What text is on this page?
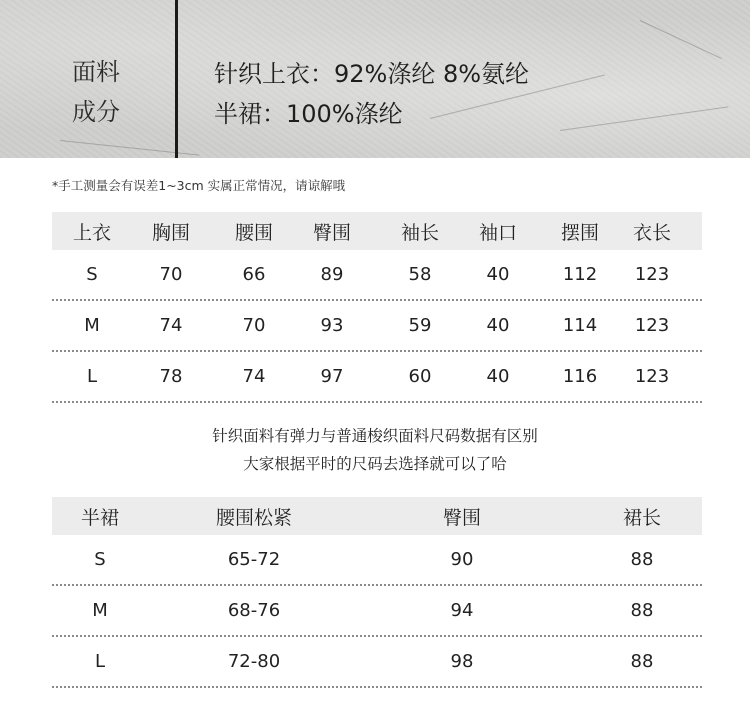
面料
成分
针织上衣：92%涤纶 8%氨纶
半裙：100%涤纶
*手工测量会有误差1~3cm 实属正常情况，请谅解哦
上衣	胸围	腰围	臀围	袖长	袖口	摆围	衣长
S	70	66	89	58	40	112	123
M	74	70	93	59	40	114	123
L	78	74	97	60	40	116	123
针织面料有弹力与普通梭织面料尺码数据有区别
大家根据平时的尺码去选择就可以了哈
半裙	腰围松紧	臀围	裙长
S	65-72	90	88
M	68-76	94	88
L	72-80	98	88
